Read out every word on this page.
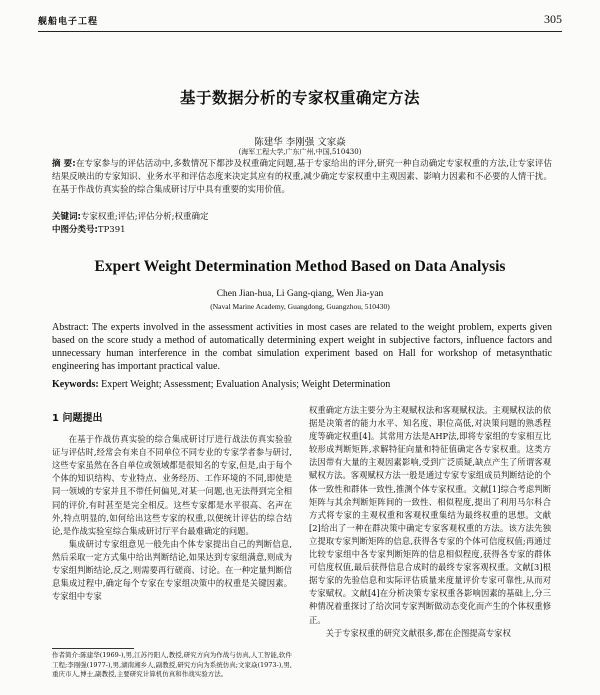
舰船电子工程	305
基于数据分析的专家权重确定方法
陈建华 李刚强 文家焱
(海军工程大学,广东广州,中国,510430)
摘 要:在专家参与的评估活动中,多数情况下都涉及权重确定问题,基于专家给出的评分,研究一种自动确定专家权重的方法,让专家评估结果反映出的专家知识、业务水平和评估态度来决定其应有的权重,减少确定专家权重中主观因素、影响力因素和不必要的人情干扰。在基于作战仿真实验的综合集成研讨厅中具有重要的实用价值。
关键词:专家权重;评估;评估分析;权重确定
中图分类号:TP391
Expert Weight Determination Method Based on Data Analysis
Chen Jian-hua, Li Gang-qiang, Wen Jia-yan
(Naval Marine Academy, Guangdong, Guangzhou, 510430)
Abstract: The experts involved in the assessment activities in most cases are related to the weight problem, experts given based on the score study a method of automatically determining expert weight in subjective factors, influence factors and unnecessary human interference in the combat simulation experiment based on Hall for workshop of metasynthatic engineering has important practical value.
Keywords: Expert Weight; Assessment; Evaluation Analysis; Weight Determination
1 问题提出

在基于作战仿真实验的综合集成研讨厅进行战法仿真实验验证与评估时,经常会有来自不同单位不同专业的专家学者参与研讨,这些专家虽然在各自单位或领域都是很知名的专家,但是,由于每个个体的知识结构、专业特点、业务经历、工作环境的不同,即使是同一领域的专家并且不带任何偏见,对某一问题,也无法得到完全相同的评价,有时甚至是完全相反。这些专家都是水平很高、名声在外,特点明显的,如何给出这些专家的权重,以便统计评估的综合结论,是作战实验室综合集成研讨厅平台最难确定的问题。

集成研讨专家组意见一般先由个体专家提出自己的判断信息,然后采取一定方式集中给出判断结论,如果达到专家组满意,则成为专家组判断结论,反之,则需要再行磋商、讨论。在一种定量判断信息集成过程中,确定每个专家在专家组决策中的权重是关键因素。专家组中专家

权重确定方法主要分为主观赋权法和客观赋权法。主观赋权法的依据是决策者的能力水平、知名度、职位高低,对决策问题的熟悉程度等确定权重[4]。其常用方法是AHP法,即将专家组的专家相互比较形成判断矩阵,求解特征向量和特征值确定各专家权重。这类方法因带有大量的主观因素影响,受到广泛质疑,缺点产生了所谓客观赋权方法。客观赋权方法一般是通过专家专家组成员判断结论的个体一致性和群体一致性,推测个体专家权重。文献[1]综合考虑判断矩阵与其余判断矩阵间的一致性、相似程度,提出了利用马尔科合方式将专家的主观权重和客观权重集结为最终权重的思想。文献[2]给出了一种在群决策中确定专家客观权重的方法。该方法先独立提取专家判断矩阵的信息,获得各专家的个体可信度权值;再通过比较专家组中各专家判断矩阵的信息相似程度,获得各专家的群体可信度权值,最后获得信息合成时的最终专家客观权重。文献[3]根据专家的先验信息和实际评估质量来度量评价专家可靠性,从而对专家赋权。文献[4]在分析决策专家权重各影响因素的基础上,分三种情况着重探讨了给次同专家判断做动态变化而产生的个体权重修正。

关于专家权重的研究文献很多,都在企图提高专家权

作者简介:陈建华(1969-),男,江苏丹阳人,教授,研究方向为作战与仿真,人工智能,软件工程;李刚强(1977-),男,湖南湘乡人,副教授,研究方向为系统仿真;文家焱(1973-),男,重庆市人,博士,副教授,主要研究计算机仿真和作战实验方法。
